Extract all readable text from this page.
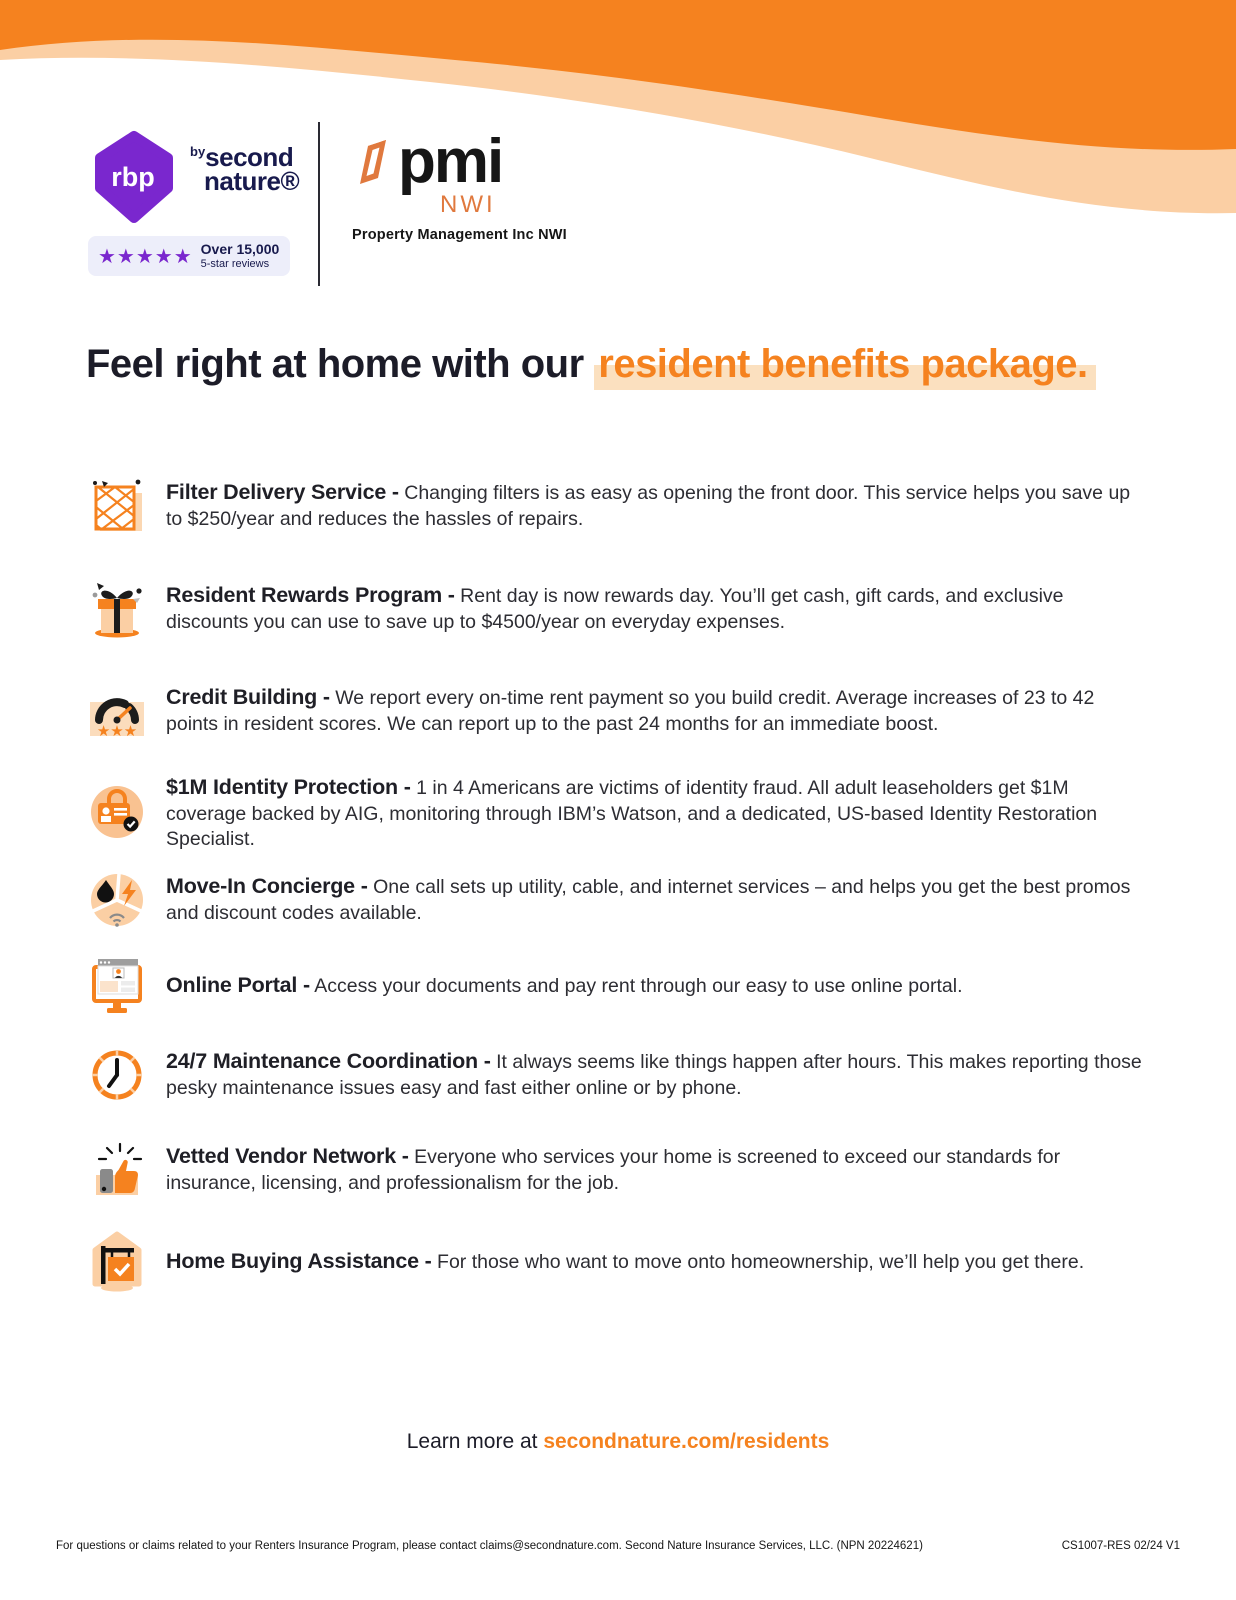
rbp
$^{by}$second
nature®
★★★★★ Over 15,000
5-star reviews
pmi
NWI
Property Management Inc NWI
Feel right at home with our resident benefits package.

Filter Delivery Service - Changing filters is as easy as opening the front door. This service helps you save up to $250/year and reduces the hassles of repairs.

Resident Rewards Program - Rent day is now rewards day. You’ll get cash, gift cards, and exclusive discounts you can use to save up to $4500/year on everyday expenses.

★★★

Credit Building - We report every on-time rent payment so you build credit. Average increases of 23 to 42 points in resident scores. We can report up to the past 24 months for an immediate boost.

$1M Identity Protection - 1 in 4 Americans are victims of identity fraud. All adult leaseholders get $1M coverage backed by AIG, monitoring through IBM’s Watson, and a dedicated, US-based Identity Restoration Specialist.

Move-In Concierge - One call sets up utility, cable, and internet services – and helps you get the best promos and discount codes available.

Online Portal - Access your documents and pay rent through our easy to use online portal.

24/7 Maintenance Coordination - It always seems like things happen after hours. This makes reporting those pesky maintenance issues easy and fast either online or by phone.

Vetted Vendor Network - Everyone who services your home is screened to exceed our standards for insurance, licensing, and professionalism for the job.

Home Buying Assistance - For those who want to move onto homeownership, we’ll help you get there.

Learn more at secondnature.com/residents
For questions or claims related to your Renters Insurance Program, please contact claims@secondnature.com. Second Nature Insurance Services, LLC. (NPN 20224621)	CS1007-RES 02/24 V1
